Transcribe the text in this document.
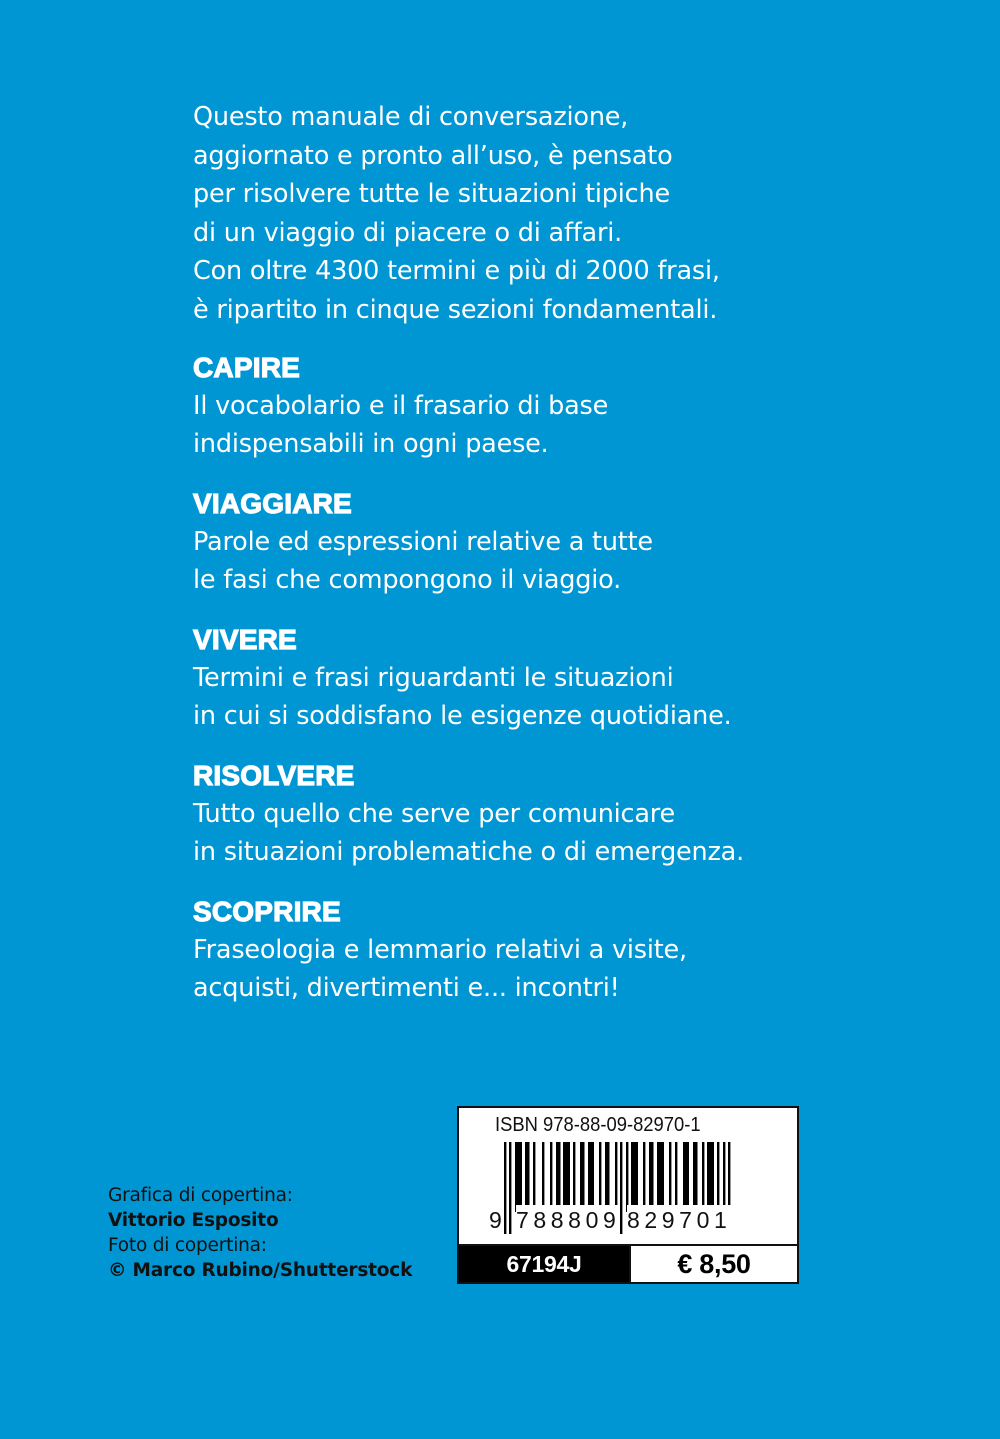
Questo manuale di conversazione,
aggiornato e pronto all’uso, è pensato
per risolvere tutte le situazioni tipiche
di un viaggio di piacere o di affari.
Con oltre 4300 termini e più di 2000 frasi,
è ripartito in cinque sezioni fondamentali.
CAPIRE
Il vocabolario e il frasario di base
indispensabili in ogni paese.
VIAGGIARE
Parole ed espressioni relative a tutte
le fasi che compongono il viaggio.
VIVERE
Termini e frasi riguardanti le situazioni
in cui si soddisfano le esigenze quotidiane.
RISOLVERE
Tutto quello che serve per comunicare
in situazioni problematiche o di emergenza.
SCOPRIRE
Fraseologia e lemmario relativi a visite,
acquisti, divertimenti e... incontri!
Grafica di copertina:
Vittorio Esposito
Foto di copertina:
© Marco Rubino/Shutterstock
ISBN 978-88-09-82970-1
9 788809 829701
67194J	€ 8,50
